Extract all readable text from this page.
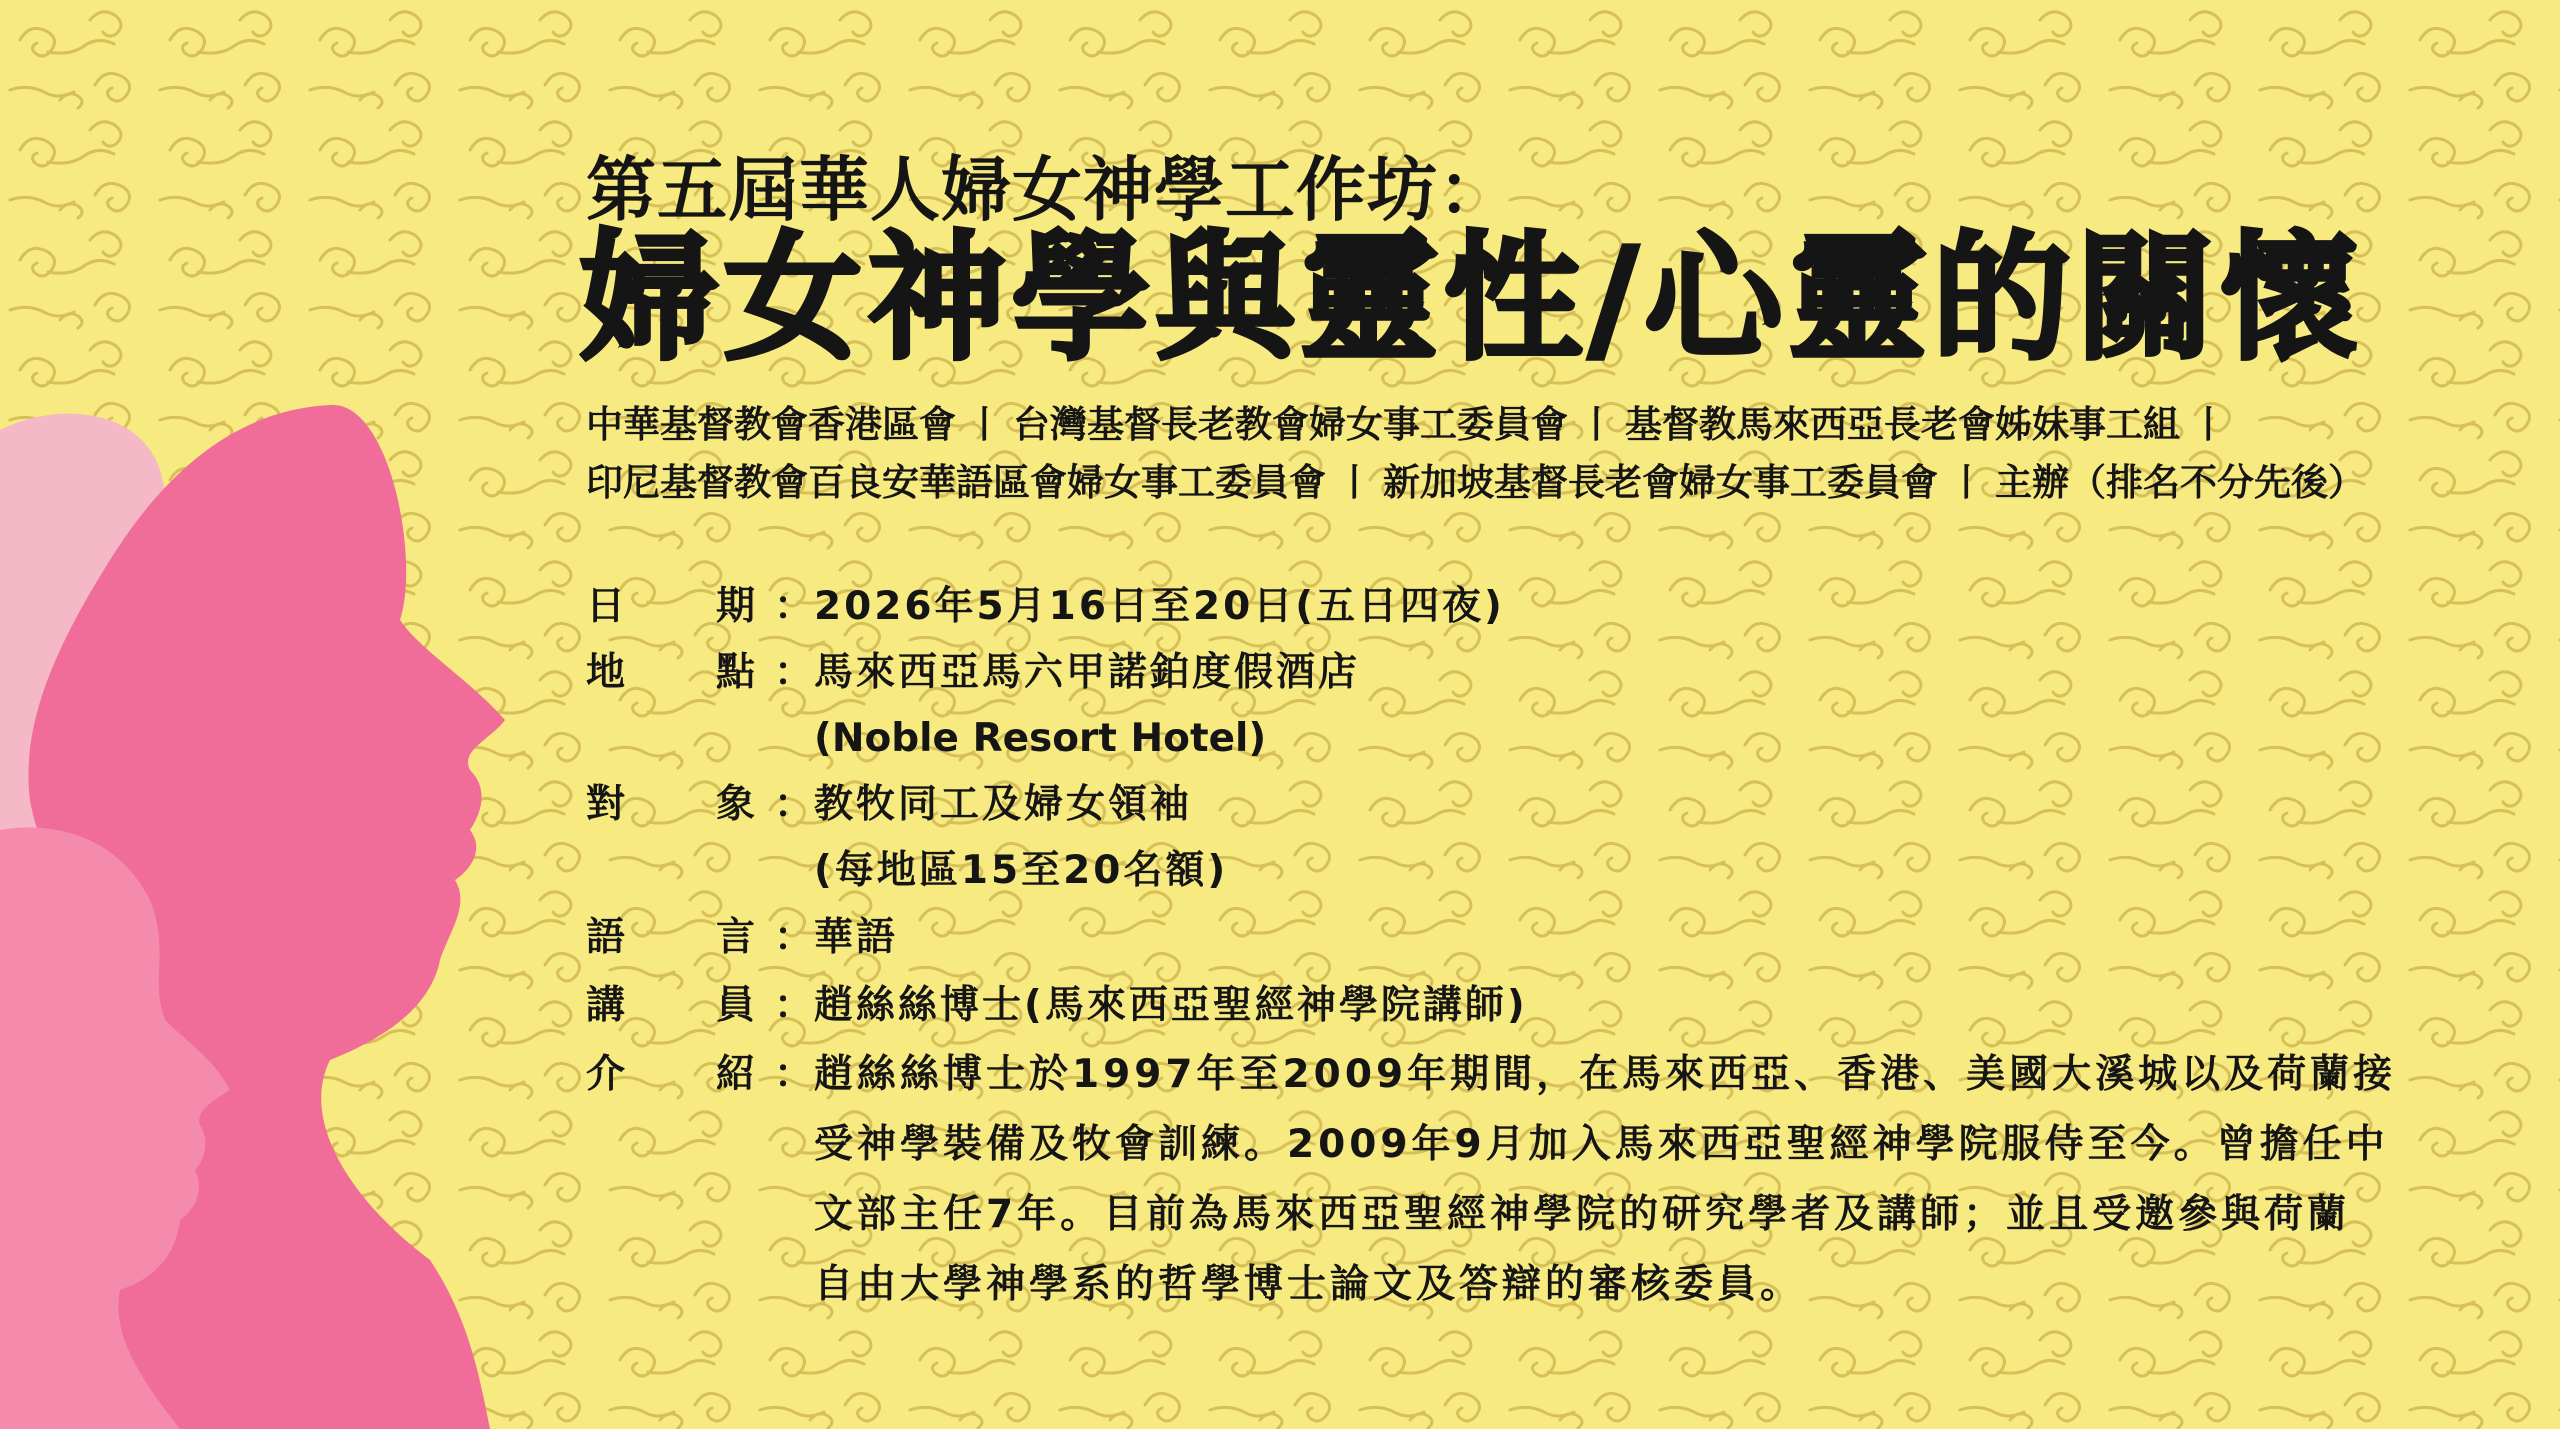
第五屆華人婦女神學工作坊：
婦女神學與靈性/心靈的關懷
中華基督教會香港區會 丨 台灣基督長老教會婦女事工委員會 丨 基督教馬來西亞長老會姊妹事工組 丨
印尼基督教會百良安華語區會婦女事工委員會 丨 新加坡基督長老會婦女事工委員會 丨 主辦（排名不分先後）
日 期 ：
2026年5月16日至20日(五日四夜)
地 點 ：
馬來西亞馬六甲諾鉑度假酒店
(Noble Resort Hotel)
對 象 ：
教牧同工及婦女領袖
(每地區15至20名額)
語 言 ：
華語
講 員 ：
趙絲絲博士(馬來西亞聖經神學院講師)
介 紹 ： 趙絲絲博士於1997年至2009年期間，在馬來西亞、香港、美國大溪城以及荷蘭接
受神學裝備及牧會訓練。2009年9月加入馬來西亞聖經神學院服侍至今。曾擔任中
文部主任7年。目前為馬來西亞聖經神學院的研究學者及講師；並且受邀參與荷蘭
自由大學神學系的哲學博士論文及答辯的審核委員。
